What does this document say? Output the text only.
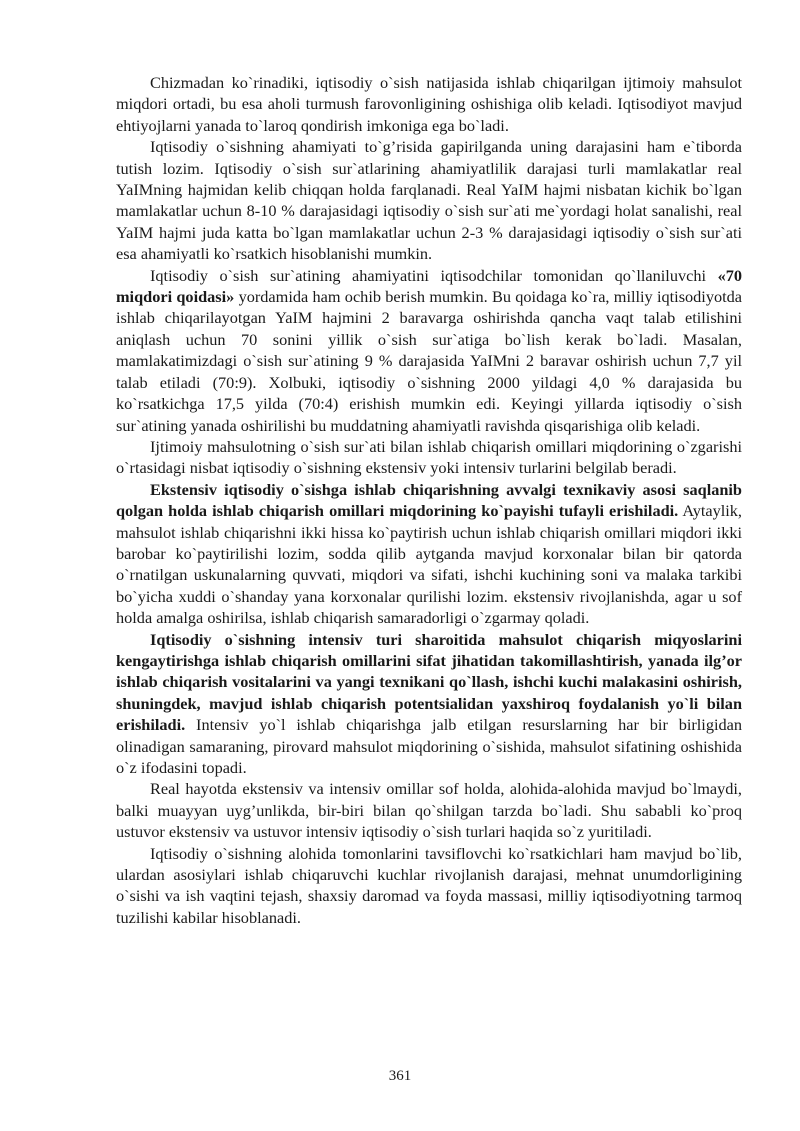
Chizmadan ko`rinadiki, iqtisodiy o`sish natijasida ishlab chiqarilgan ijtimoiy mahsulot miqdori ortadi, bu esa aholi turmush farovonligining oshishiga olib keladi. Iqtisodiyot mavjud ehtiyojlarni yanada to`laroq qondirish imkoniga ega bo`ladi.

Iqtisodiy o`sishning ahamiyati to`g’risida gapirilganda uning darajasini ham e`tiborda tutish lozim. Iqtisodiy o`sish sur`atlarining ahamiyatlilik darajasi turli mamlakatlar real YaIMning hajmidan kelib chiqqan holda farqlanadi. Real YaIM hajmi nisbatan kichik bo`lgan mamlakatlar uchun 8-10 % darajasidagi iqtisodiy o`sish sur`ati me`yordagi holat sanalishi, real YaIM hajmi juda katta bo`lgan mamlakatlar uchun 2-3 % darajasidagi iqtisodiy o`sish sur`ati esa ahamiyatli ko`rsatkich hisoblanishi mumkin.

Iqtisodiy o`sish sur`atining ahamiyatini iqtisodchilar tomonidan qo`llaniluvchi «70 miqdori qoidasi» yordamida ham ochib berish mumkin. Bu qoidaga ko`ra, milliy iqtisodiyotda ishlab chiqarilayotgan YaIM hajmini 2 baravarga oshirishda qancha vaqt talab etilishini aniqlash uchun 70 sonini yillik o`sish sur`atiga bo`lish kerak bo`ladi. Masalan, mamlakatimizdagi o`sish sur`atining 9 % darajasida YaIMni 2 baravar oshirish uchun 7,7 yil talab etiladi (70:9). Xolbuki, iqtisodiy o`sishning 2000 yildagi 4,0 % darajasida bu ko`rsatkichga 17,5 yilda (70:4) erishish mumkin edi. Keyingi yillarda iqtisodiy o`sish sur`atining yanada oshirilishi bu muddatning ahamiyatli ravishda qisqarishiga olib keladi.

Ijtimoiy mahsulotning o`sish sur`ati bilan ishlab chiqarish omillari miqdorining o`zgarishi o`rtasidagi nisbat iqtisodiy o`sishning ekstensiv yoki intensiv turlarini belgilab beradi.

Ekstensiv iqtisodiy o`sishga ishlab chiqarishning avvalgi texnikaviy asosi saqlanib qolgan holda ishlab chiqarish omillari miqdorining ko`payishi tufayli erishiladi. Aytaylik, mahsulot ishlab chiqarishni ikki hissa ko`paytirish uchun ishlab chiqarish omillari miqdori ikki barobar ko`paytirilishi lozim, sodda qilib aytganda mavjud korxonalar bilan bir qatorda o`rnatilgan uskunalarning quvvati, miqdori va sifati, ishchi kuchining soni va malaka tarkibi bo`yicha xuddi o`shanday yana korxonalar qurilishi lozim. ekstensiv rivojlanishda, agar u sof holda amalga oshirilsa, ishlab chiqarish samaradorligi o`zgarmay qoladi.

Iqtisodiy o`sishning intensiv turi sharoitida mahsulot chiqarish miqyoslarini kengaytirishga ishlab chiqarish omillarini sifat jihatidan takomillashtirish, yanada ilg’or ishlab chiqarish vositalarini va yangi texnikani qo`llash, ishchi kuchi malakasini oshirish, shuningdek, mavjud ishlab chiqarish potentsialidan yaxshiroq foydalanish yo`li bilan erishiladi. Intensiv yo`l ishlab chiqarishga jalb etilgan resurslarning har bir birligidan olinadigan samaraning, pirovard mahsulot miqdorining o`sishida, mahsulot sifatining oshishida o`z ifodasini topadi.

Real hayotda ekstensiv va intensiv omillar sof holda, alohida-alohida mavjud bo`lmaydi, balki muayyan uyg’unlikda, bir-biri bilan qo`shilgan tarzda bo`ladi. Shu sababli ko`proq ustuvor ekstensiv va ustuvor intensiv iqtisodiy o`sish turlari haqida so`z yuritiladi.

Iqtisodiy o`sishning alohida tomonlarini tavsiflovchi ko`rsatkichlari ham mavjud bo`lib, ulardan asosiylari ishlab chiqaruvchi kuchlar rivojlanish darajasi, mehnat unumdorligining o`sishi va ish vaqtini tejash, shaxsiy daromad va foyda massasi, milliy iqtisodiyotning tarmoq tuzilishi kabilar hisoblanadi.

361
